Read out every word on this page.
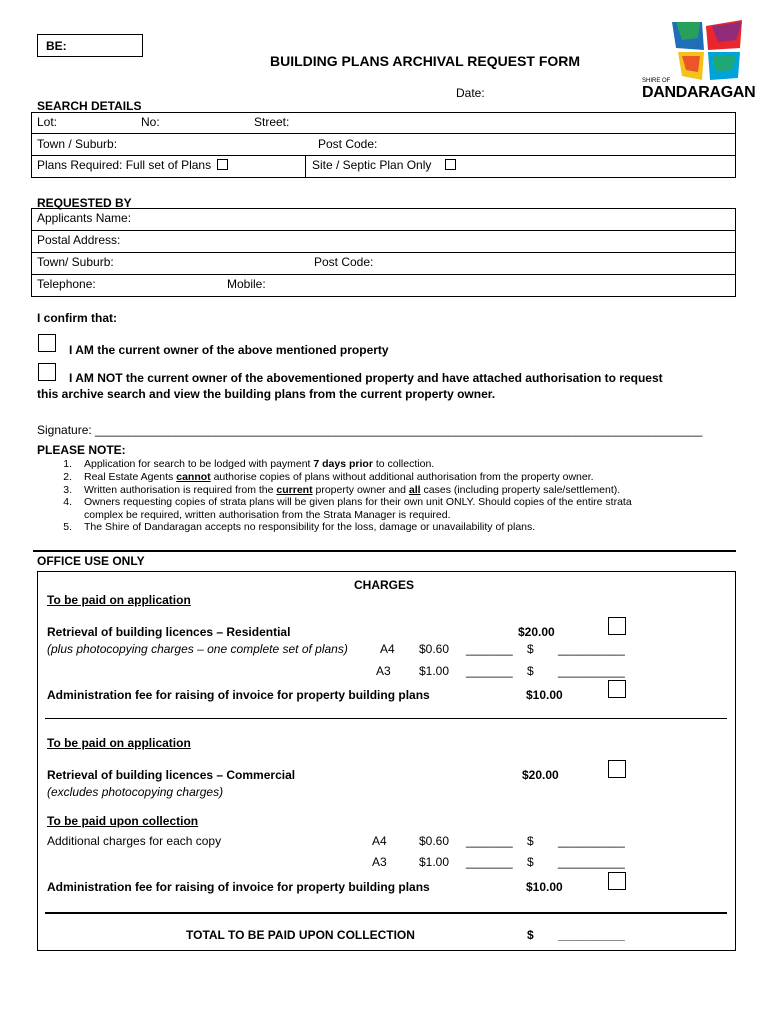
BE:
BUILDING PLANS ARCHIVAL REQUEST FORM
Date:
SHIRE OF
DANDARAGAN
SEARCH DETAILS
Lot:	No:	Street:
Town / Suburb:	Post Code:
Plans Required: Full set of Plans	Site / Septic Plan Only
REQUESTED BY
Applicants Name:
Postal Address:
Town/ Suburb:	Post Code:
Telephone:	Mobile:
I confirm that:
I AM the current owner of the above mentioned property
I AM NOT the current owner of the abovementioned property and have attached authorisation to request
this archive search and view the building plans from the current property owner.
Signature: ___________________________________________________________________________________________
PLEASE NOTE:
1. Application for search to be lodged with payment 7 days prior to collection.
2. Real Estate Agents cannot authorise copies of plans without additional authorisation from the property owner.
3. Written authorisation is required from the current property owner and all cases (including property sale/settlement).
4. Owners requesting copies of strata plans will be given plans for their own unit ONLY. Should copies of the entire strata
complex be required, written authorisation from the Strata Manager is required.
5. The Shire of Dandaragan accepts no responsibility for the loss, damage or unavailability of plans.
OFFICE USE ONLY
CHARGES
To be paid on application
Retrieval of building licences – Residential	$20.00
(plus photocopying charges – one complete set of plans)	A4 $0.60 _______ $ __________
A3 $1.00 _______ $ __________
Administration fee for raising of invoice for property building plans	$10.00
To be paid on application
Retrieval of building licences – Commercial	$20.00
(excludes photocopying charges)
To be paid upon collection
Additional charges for each copy	A4	$0.60 _______ $ __________
A3	$1.00 _______ $ __________
Administration fee for raising of invoice for property building plans	$10.00
TOTAL TO BE PAID UPON COLLECTION	$ __________
